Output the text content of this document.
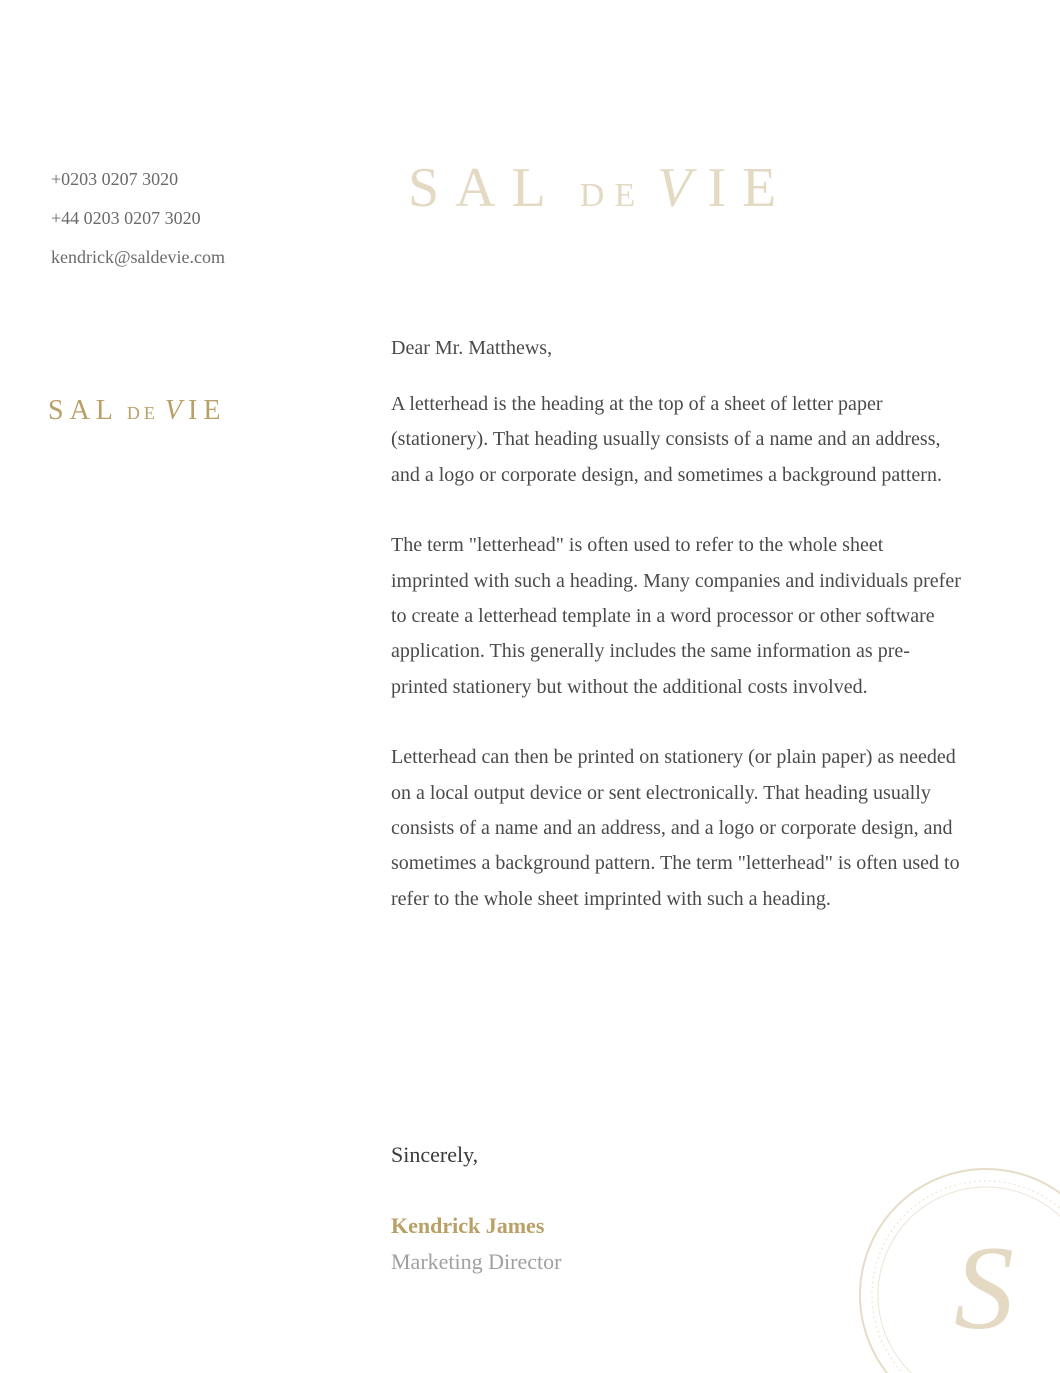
+0203 0207 3020
+44 0203 0207 3020
kendrick@saldevie.com
SAL DE VIE
SAL DE VIE
Dear Mr. Matthews,
A letterhead is the heading at the top of a sheet of letter paper (stationery). That heading usually consists of a name and an address, and a logo or corporate design, and sometimes a background pattern.
The term "letterhead" is often used to refer to the whole sheet imprinted with such a heading. Many companies and individuals prefer to create a letterhead template in a word processor or other software application. This generally includes the same information as pre-printed stationery but without the additional costs involved.
Letterhead can then be printed on stationery (or plain paper) as needed on a local output device or sent electronically. That heading usually consists of a name and an address, and a logo or corporate design, and sometimes a background pattern. The term "letterhead" is often used to refer to the whole sheet imprinted with such a heading.
Sincerely,
Kendrick James
Marketing Director	S
